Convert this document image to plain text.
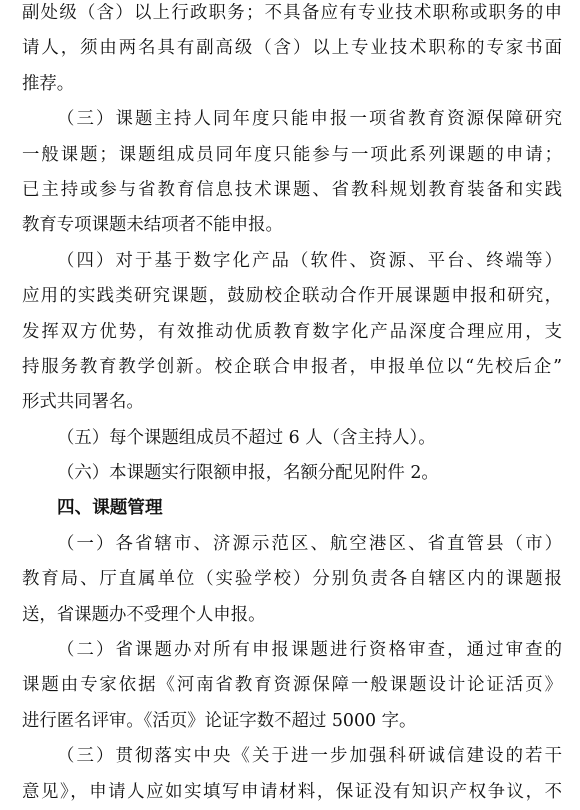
副处级（含）以上行政职务；不具备应有专业技术职称或职务的申
请人，须由两名具有副高级（含）以上专业技术职称的专家书面
推荐。
（三）课题主持人同年度只能申报一项省教育资源保障研究
一般课题；课题组成员同年度只能参与一项此系列课题的申请；
已主持或参与省教育信息技术课题、省教科规划教育装备和实践
教育专项课题未结项者不能申报。
（四）对于基于数字化产品（软件、资源、平台、终端等）
应用的实践类研究课题，鼓励校企联动合作开展课题申报和研究，
发挥双方优势，有效推动优质教育数字化产品深度合理应用，支
持服务教育教学创新。校企联合申报者，申报单位以“先校后企”
形式共同署名。
（五）每个课题组成员不超过 6 人（含主持人）。
（六）本课题实行限额申报，名额分配见附件 2。
四、课题管理
（一）各省辖市、济源示范区、航空港区、省直管县（市）
教育局、厅直属单位（实验学校）分别负责各自辖区内的课题报
送，省课题办不受理个人申报。
（二）省课题办对所有申报课题进行资格审查，通过审查的
课题由专家依据《河南省教育资源保障一般课题设计论证活页》
进行匿名评审。《活页》论证字数不超过 5000 字。
（三）贯彻落实中央《关于进一步加强科研诚信建设的若干
意见》，申请人应如实填写申请材料，保证没有知识产权争议，不
